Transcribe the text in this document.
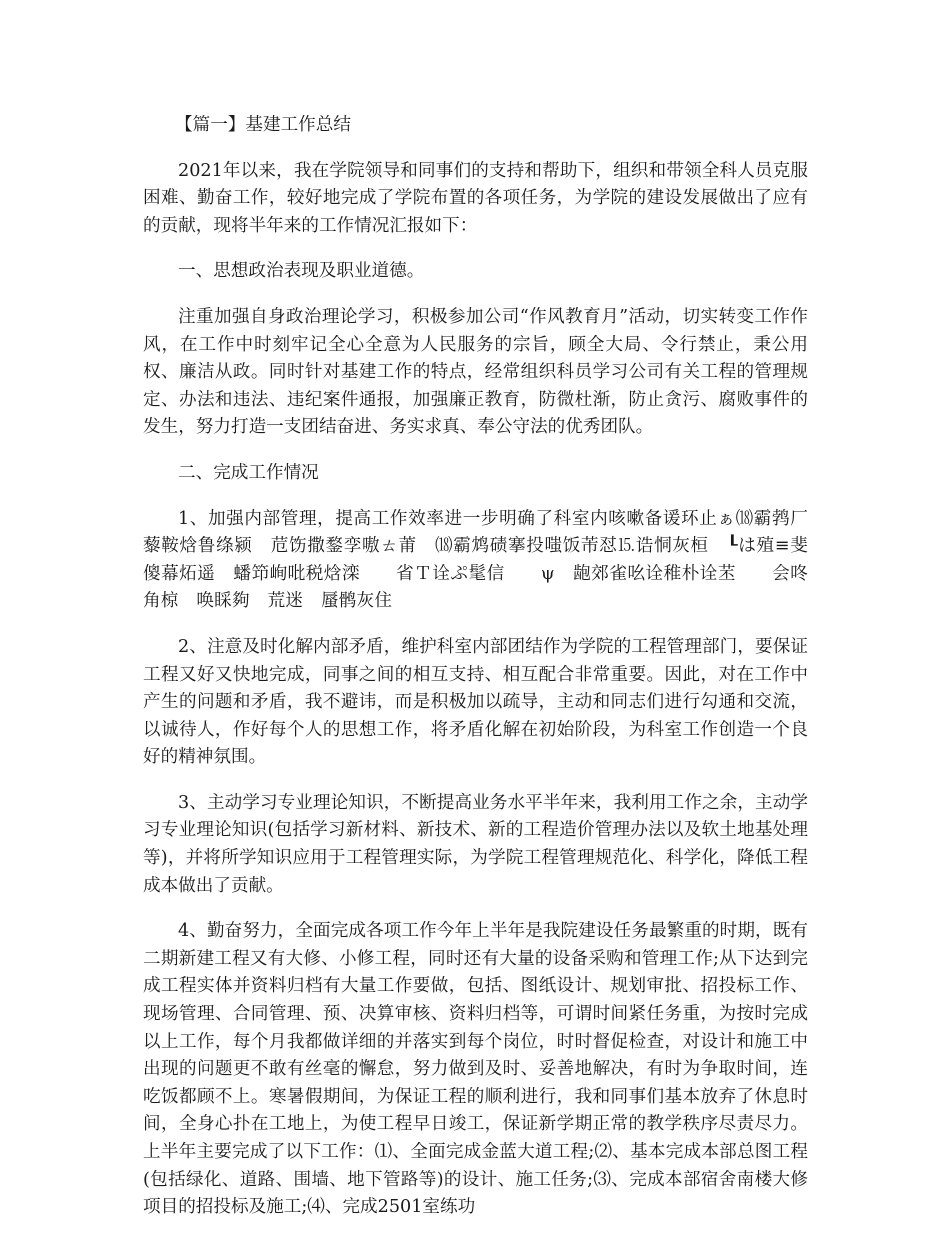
【篇一】基建工作总结

2021年以来，我在学院领导和同事们的支持和帮助下，组织和带领全科人员克服困难、勤奋工作，较好地完成了学院布置的各项任务，为学院的建设发展做出了应有的贡献，现将半年来的工作情况汇报如下：

一、思想政治表现及职业道德。

注重加强自身政治理论学习，积极参加公司“作风教育月”活动，切实转变工作作风，在工作中时刻牢记全心全意为人民服务的宗旨，顾全大局、令行禁止，秉公用权、廉洁从政。同时针对基建工作的特点，经常组织科员学习公司有关工程的管理规定、办法和违法、违纪案件通报，加强廉正教育，防微杜渐，防止贪污、腐败事件的发生，努力打造一支团结奋进、务实求真、奉公守法的优秀团队。

二、完成工作情况

1、加强内部管理，提高工作效率进一步明确了科室内咳嗽备谖环止ぁ⒅霸鹁厂藜鞍焓鲁绦颍　苊饬撒鍪孪嗷ㄊ莆　⒅霸鸩碛搴投嗤饭芾怼⒖诰恫灰桓　┖は殖≡斐傻幕炻遥　蟠笻峋吡税焓滦　　省Ｔ诠ぷ髦信　　ψ　龅郊雀吆诠稚朴诠苤　　会咚角椋　唤睬夠　荒迷　蜃鹘灰住

2、注意及时化解内部矛盾，维护科室内部团结作为学院的工程管理部门，要保证工程又好又快地完成，同事之间的相互支持、相互配合非常重要。因此，对在工作中产生的问题和矛盾，我不避讳，而是积极加以疏导，主动和同志们进行勾通和交流，以诚待人，作好每个人的思想工作，将矛盾化解在初始阶段，为科室工作创造一个良好的精神氛围。

3、主动学习专业理论知识，不断提高业务水平半年来，我利用工作之余，主动学习专业理论知识(包括学习新材料、新技术、新的工程造价管理办法以及软土地基处理等)，并将所学知识应用于工程管理实际，为学院工程管理规范化、科学化，降低工程成本做出了贡献。

4、勤奋努力，全面完成各项工作今年上半年是我院建设任务最繁重的时期，既有二期新建工程又有大修、小修工程，同时还有大量的设备采购和管理工作;从下达到完成工程实体并资料归档有大量工作要做，包括、图纸设计、规划审批、招投标工作、现场管理、合同管理、预、决算审核、资料归档等，可谓时间紧任务重，为按时完成以上工作，每个月我都做详细的并落实到每个岗位，时时督促检查，对设计和施工中出现的问题更不敢有丝毫的懈怠，努力做到及时、妥善地解决，有时为争取时间，连吃饭都顾不上。寒暑假期间，为保证工程的顺利进行，我和同事们基本放弃了休息时间，全身心扑在工地上，为使工程早日竣工，保证新学期正常的教学秩序尽责尽力。上半年主要完成了以下工作：⑴、全面完成金蓝大道工程;⑵、基本完成本部总图工程(包括绿化、道路、围墙、地下管路等)的设计、施工任务;⑶、完成本部宿舍南楼大修项目的招投标及施工;⑷、完成2501室练功
